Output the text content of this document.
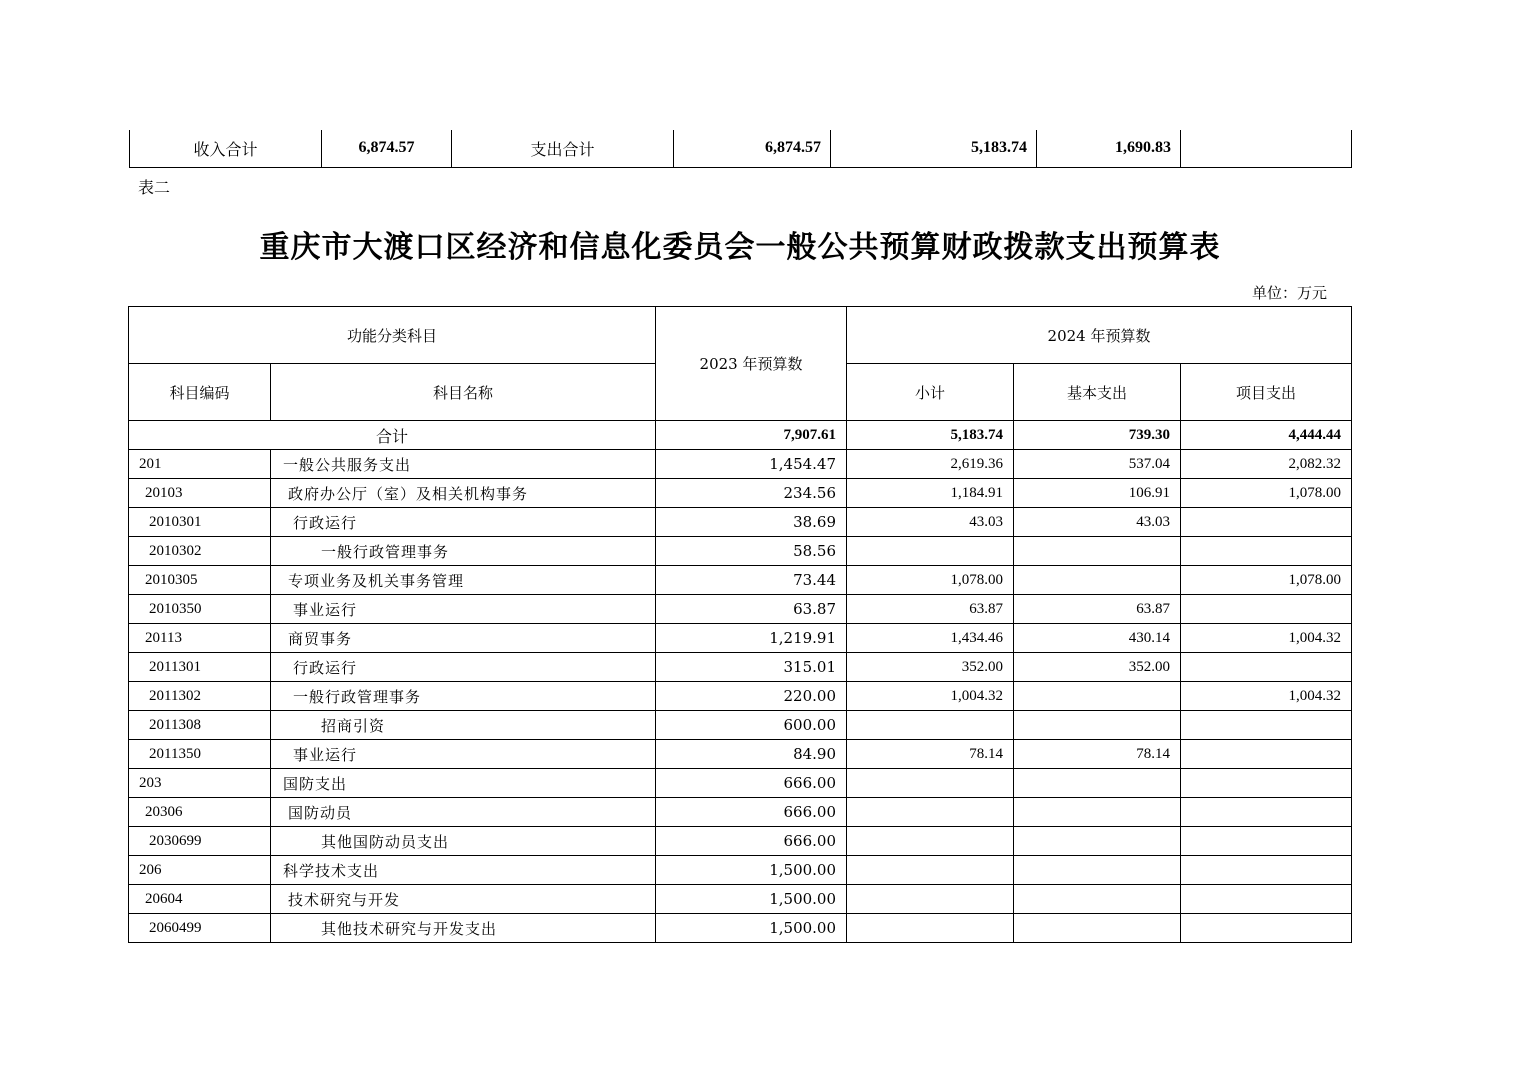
收入合计	6,874.57	支出合计	6,874.57	5,183.74	1,690.83	
表二
重庆市大渡口区经济和信息化委员会一般公共预算财政拨款支出预算表
单位：万元
功能分类科目		2023 年预算数	2024 年预算数		
科目编码	科目名称		小计	基本支出	项目支出
合计		7,907.61	5,183.74	739.30	4,444.44
201	一般公共服务支出	1,454.47	2,619.36	537.04	2,082.32
20103	政府办公厅（室）及相关机构事务	234.56	1,184.91	106.91	1,078.00
2010301	行政运行	38.69	43.03	43.03	
2010302	一般行政管理事务	58.56			
2010305	专项业务及机关事务管理	73.44	1,078.00		1,078.00
2010350	事业运行	63.87	63.87	63.87	
20113	商贸事务	1,219.91	1,434.46	430.14	1,004.32
2011301	行政运行	315.01	352.00	352.00	
2011302	一般行政管理事务	220.00	1,004.32		1,004.32
2011308	招商引资	600.00			
2011350	事业运行	84.90	78.14	78.14	
203	国防支出	666.00			
20306	国防动员	666.00			
2030699	其他国防动员支出	666.00			
206	科学技术支出	1,500.00			
20604	技术研究与开发	1,500.00			
2060499	其他技术研究与开发支出	1,500.00			
